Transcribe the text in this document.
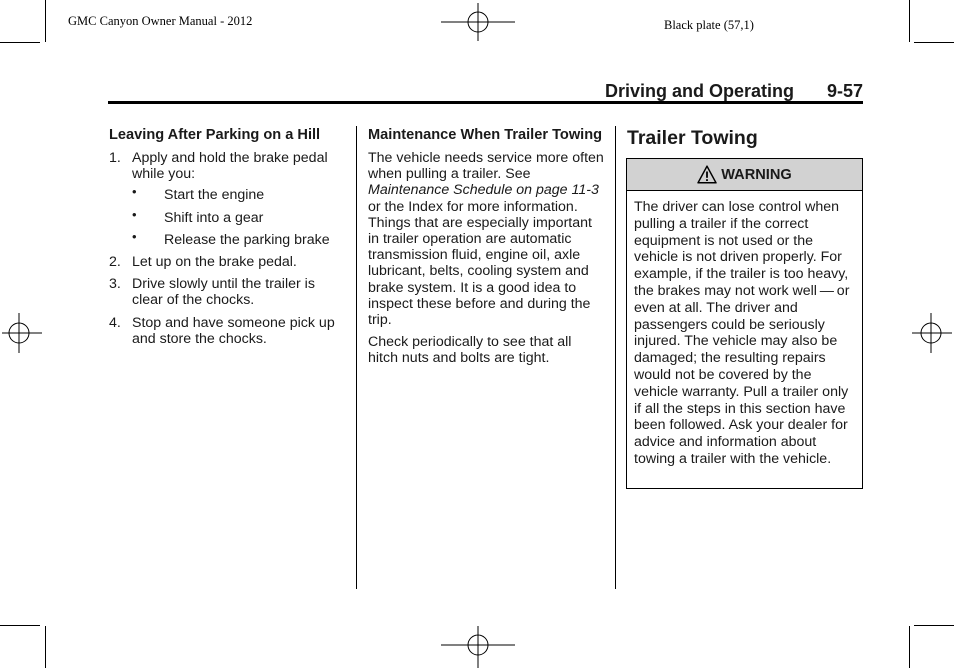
GMC Canyon Owner Manual - 2012	Black plate (57,1)
Driving and Operating 9-57
Leaving After Parking on a Hill
1. Apply and hold the brake pedal while you:
• Start the engine
• Shift into a gear
• Release the parking brake
2. Let up on the brake pedal.
3. Drive slowly until the trailer is clear of the chocks.
4. Stop and have someone pick up and store the chocks.
Maintenance When Trailer Towing

The vehicle needs service more often when pulling a trailer. See Maintenance Schedule on page 11-3 or the Index for more information. Things that are especially important in trailer operation are automatic transmission fluid, engine oil, axle lubricant, belts, cooling system and brake system. It is a good idea to inspect these before and during the trip.

Check periodically to see that all hitch nuts and bolts are tight.

Trailer Towing
WARNING
The driver can lose control when pulling a trailer if the correct equipment is not used or the vehicle is not driven properly. For example, if the trailer is too heavy, the brakes may not work well — or even at all. The driver and passengers could be seriously injured. The vehicle may also be damaged; the resulting repairs would not be covered by the vehicle warranty. Pull a trailer only if all the steps in this section have been followed. Ask your dealer for advice and information about towing a trailer with the vehicle.
